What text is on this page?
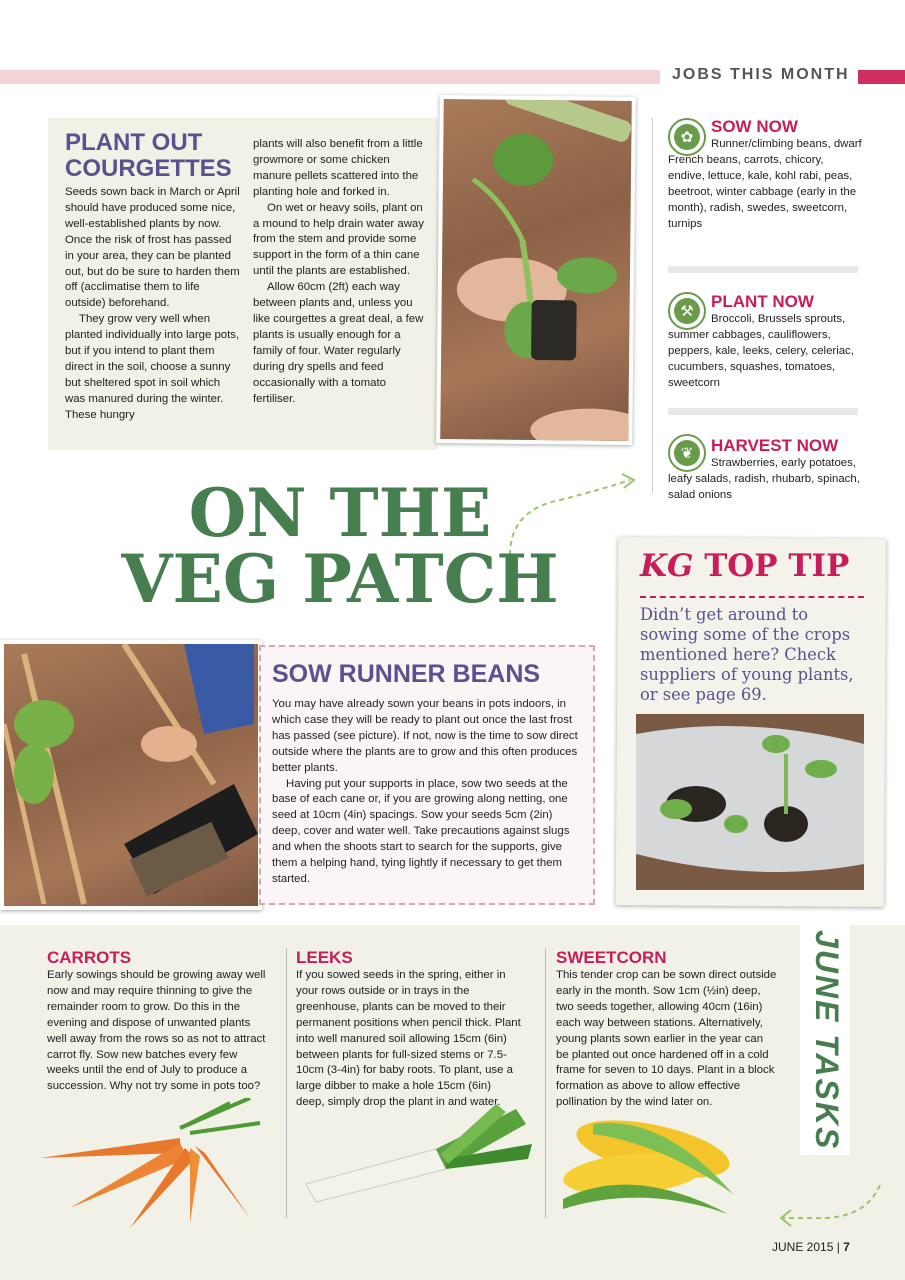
JOBS THIS MONTH
PLANT OUT COURGETTES

Seeds sown back in March or April should have produced some nice, well-established plants by now. Once the risk of frost has passed in your area, they can be planted out, but do be sure to harden them off (acclimatise them to life outside) beforehand.

They grow very well when planted individually into large pots, but if you intend to plant them direct in the soil, choose a sunny but sheltered spot in soil which was manured during the winter. These hungry

plants will also benefit from a little growmore or some chicken manure pellets scattered into the planting hole and forked in.

On wet or heavy soils, plant on a mound to help drain water away from the stem and provide some support in the form of a thin cane until the plants are established.

Allow 60cm (2ft) each way between plants and, unless you like courgettes a great deal, a few plants is usually enough for a family of four. Water regularly during dry spells and feed occasionally with a tomato fertiliser.

✿
SOW NOW
Runner/climbing beans, dwarf French beans, carrots, chicory, endive, lettuce, kale, kohl rabi, peas, beetroot, winter cabbage (early in the month), radish, swedes, sweetcorn, turnips
⚒
PLANT NOW
Broccoli, Brussels sprouts, summer cabbages, cauliflowers, peppers, kale, leeks, celery, celeriac, cucumbers, squashes, tomatoes, sweetcorn
❦	HARVEST NOW
Strawberries, early potatoes, leafy salads, radish, rhubarb, spinach, salad onions
ON THE
VEG PATCH
SOW RUNNER BEANS

You may have already sown your beans in pots indoors, in which case they will be ready to plant out once the last frost has passed (see picture). If not, now is the time to sow direct outside where the plants are to grow and this often produces better plants.

Having put your supports in place, sow two seeds at the base of each cane or, if you are growing along netting, one seed at 10cm (4in) spacings. Sow your seeds 5cm (2in) deep, cover and water well. Take precautions against slugs and when the shoots start to search for the supports, give them a helping hand, tying lightly if necessary to get them started.

KG TOP TIP
Didn’t get around to sowing some of the crops mentioned here? Check suppliers of young plants, or see page 69.
JUNE TASKS
CARROTS
Early sowings should be growing away well now and may require thinning to give the remainder room to grow. Do this in the evening and dispose of unwanted plants well away from the rows so as not to attract carrot fly. Sow new batches every few weeks until the end of July to produce a succession. Why not try some in pots too?
LEEKS
If you sowed seeds in the spring, either in your rows outside or in trays in the greenhouse, plants can be moved to their permanent positions when pencil thick. Plant into well manured soil allowing 15cm (6in) between plants for full-sized stems or 7.5-10cm (3-4in) for baby roots. To plant, use a large dibber to make a hole 15cm (6in) deep, simply drop the plant in and water.
SWEETCORN
This tender crop can be sown direct outside early in the month. Sow 1cm (½in) deep, two seeds together, allowing 40cm (16in) each way between stations. Alternatively, young plants sown earlier in the year can be planted out once hardened off in a cold frame for seven to 10 days. Plant in a block formation as above to allow effective pollination by the wind later on.
JUNE 2015 | 7
